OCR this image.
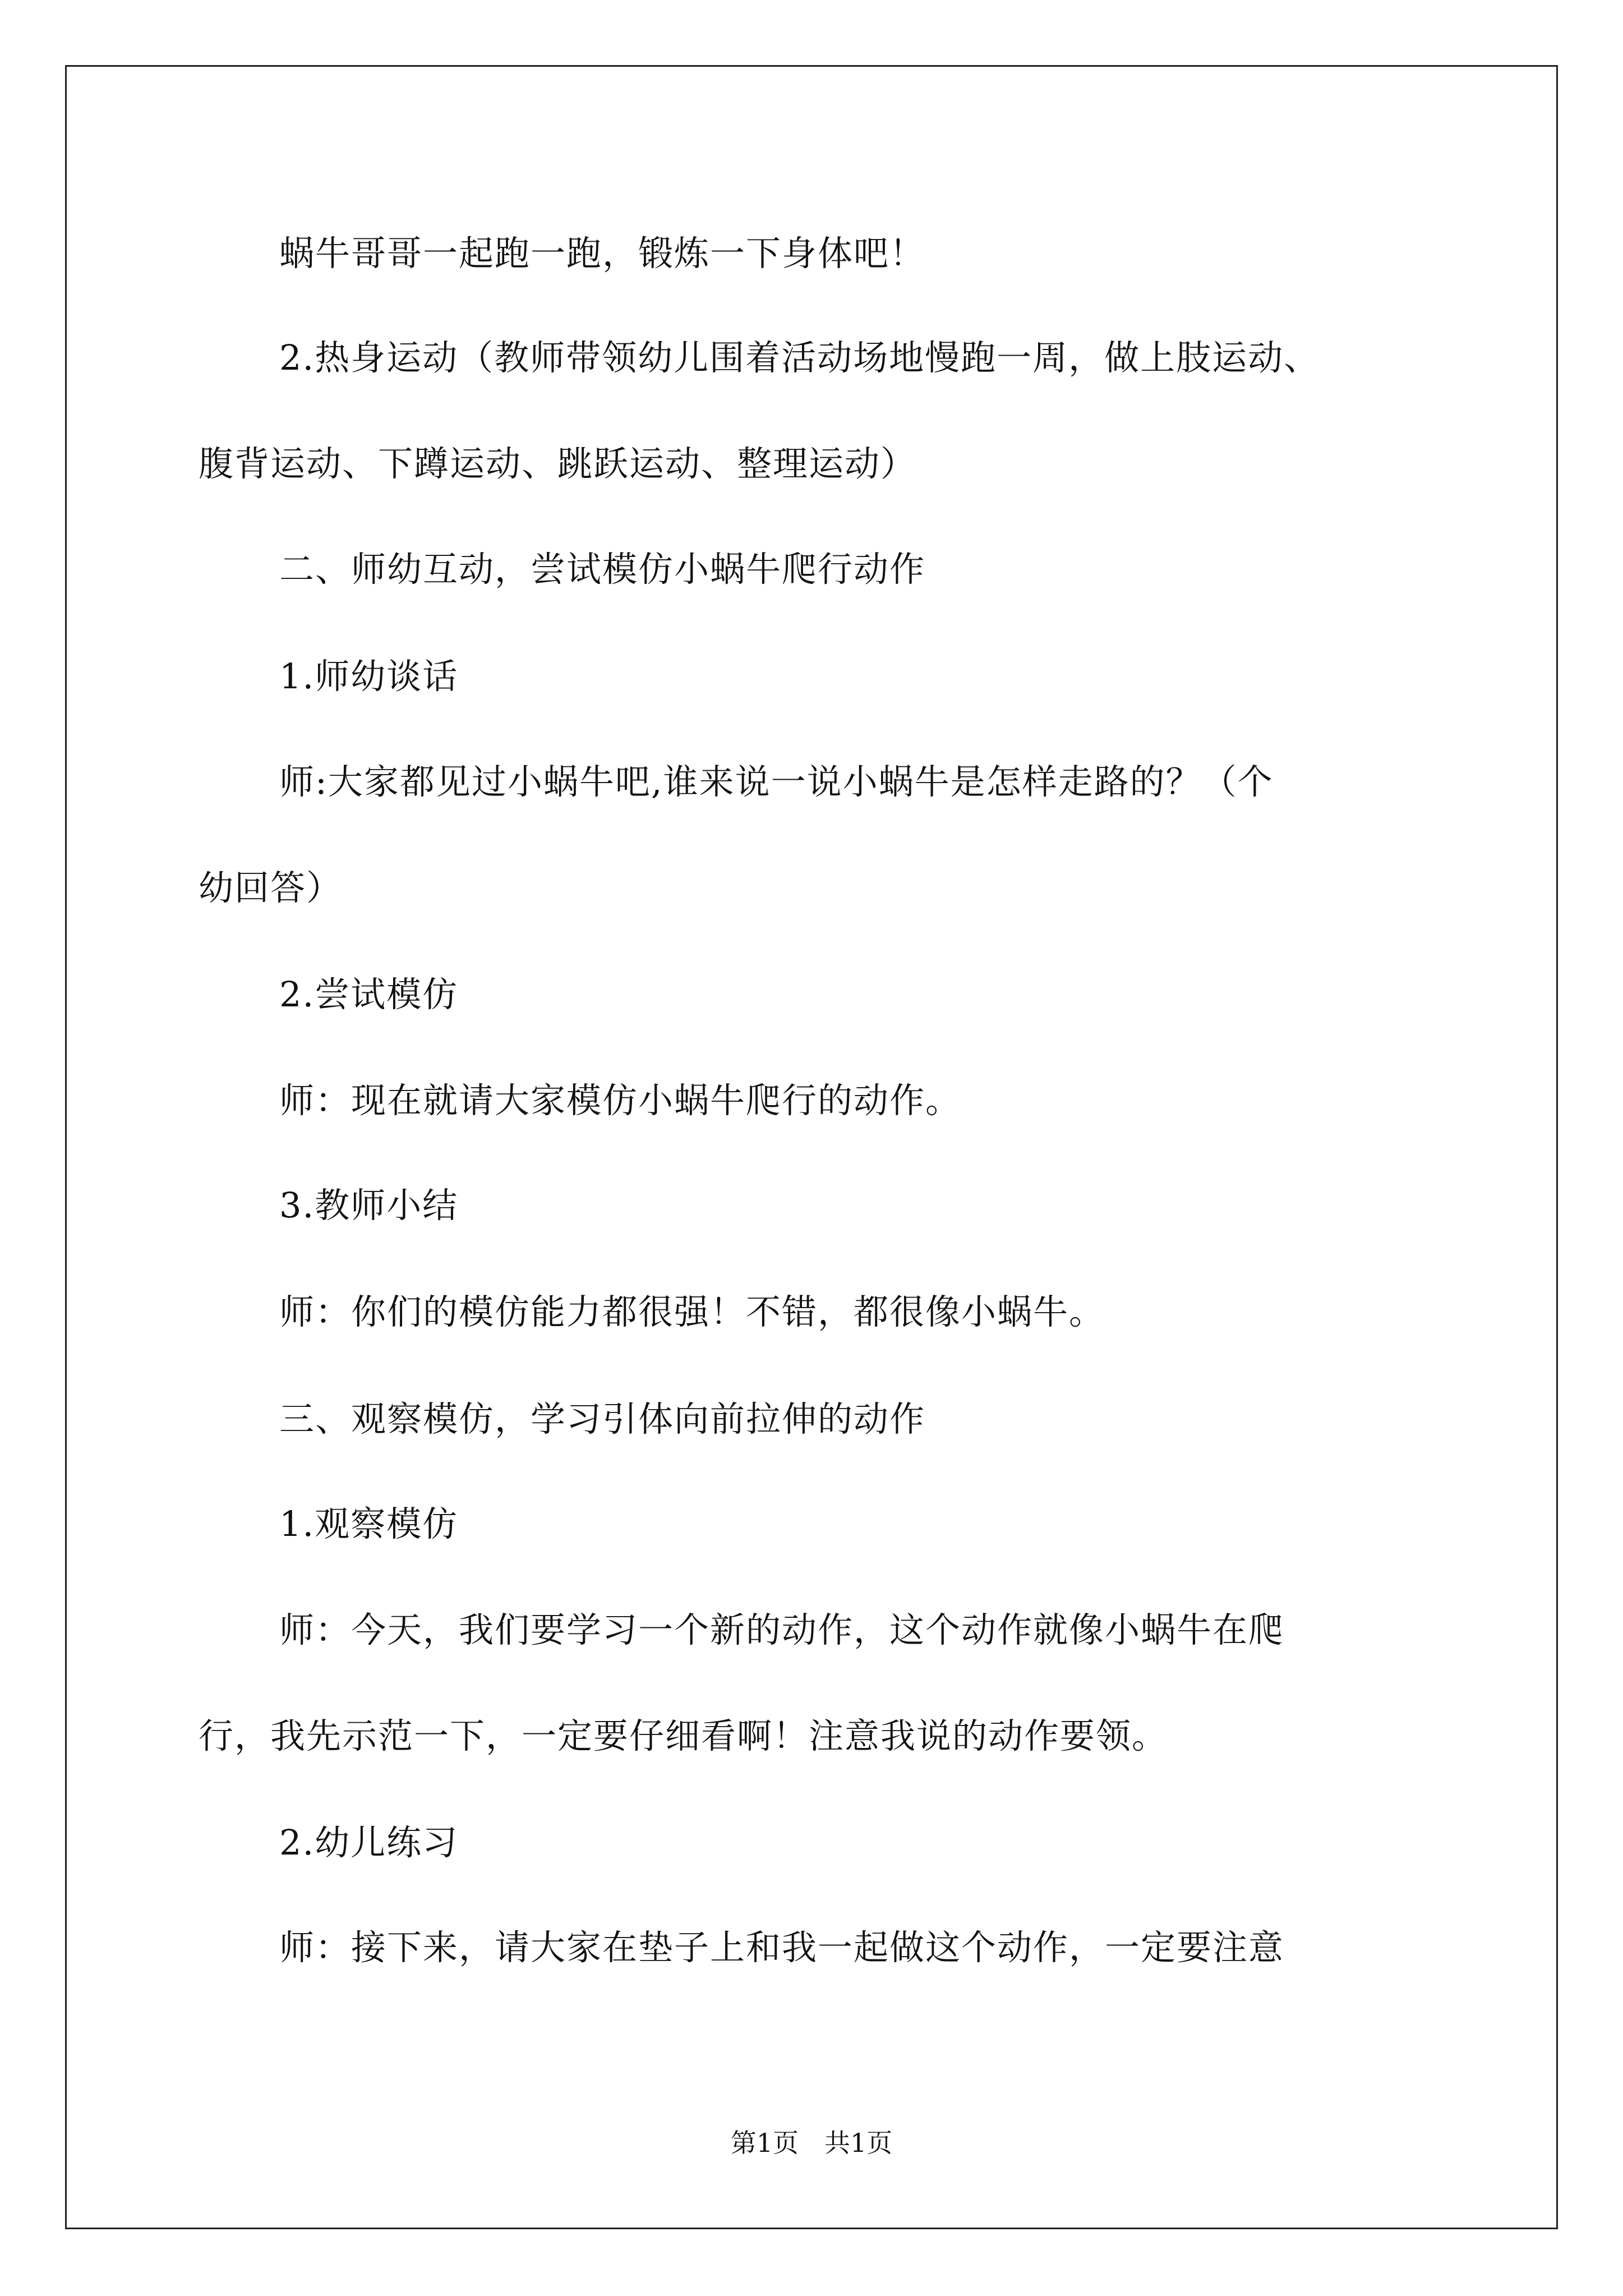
蜗牛哥哥一起跑一跑，锻炼一下身体吧！
2.热身运动（教师带领幼儿围着活动场地慢跑一周，做上肢运动、
腹背运动、下蹲运动、跳跃运动、整理运动）
二、师幼互动，尝试模仿小蜗牛爬行动作
1.师幼谈话
师:大家都见过小蜗牛吧,谁来说一说小蜗牛是怎样走路的？（个
幼回答）
2.尝试模仿
师：现在就请大家模仿小蜗牛爬行的动作。
3.教师小结
师：你们的模仿能力都很强！不错，都很像小蜗牛。
三、观察模仿，学习引体向前拉伸的动作
1.观察模仿
师：今天，我们要学习一个新的动作，这个动作就像小蜗牛在爬
行，我先示范一下，一定要仔细看啊！注意我说的动作要领。
2.幼儿练习
师：接下来，请大家在垫子上和我一起做这个动作，一定要注意
第1页　共1页
